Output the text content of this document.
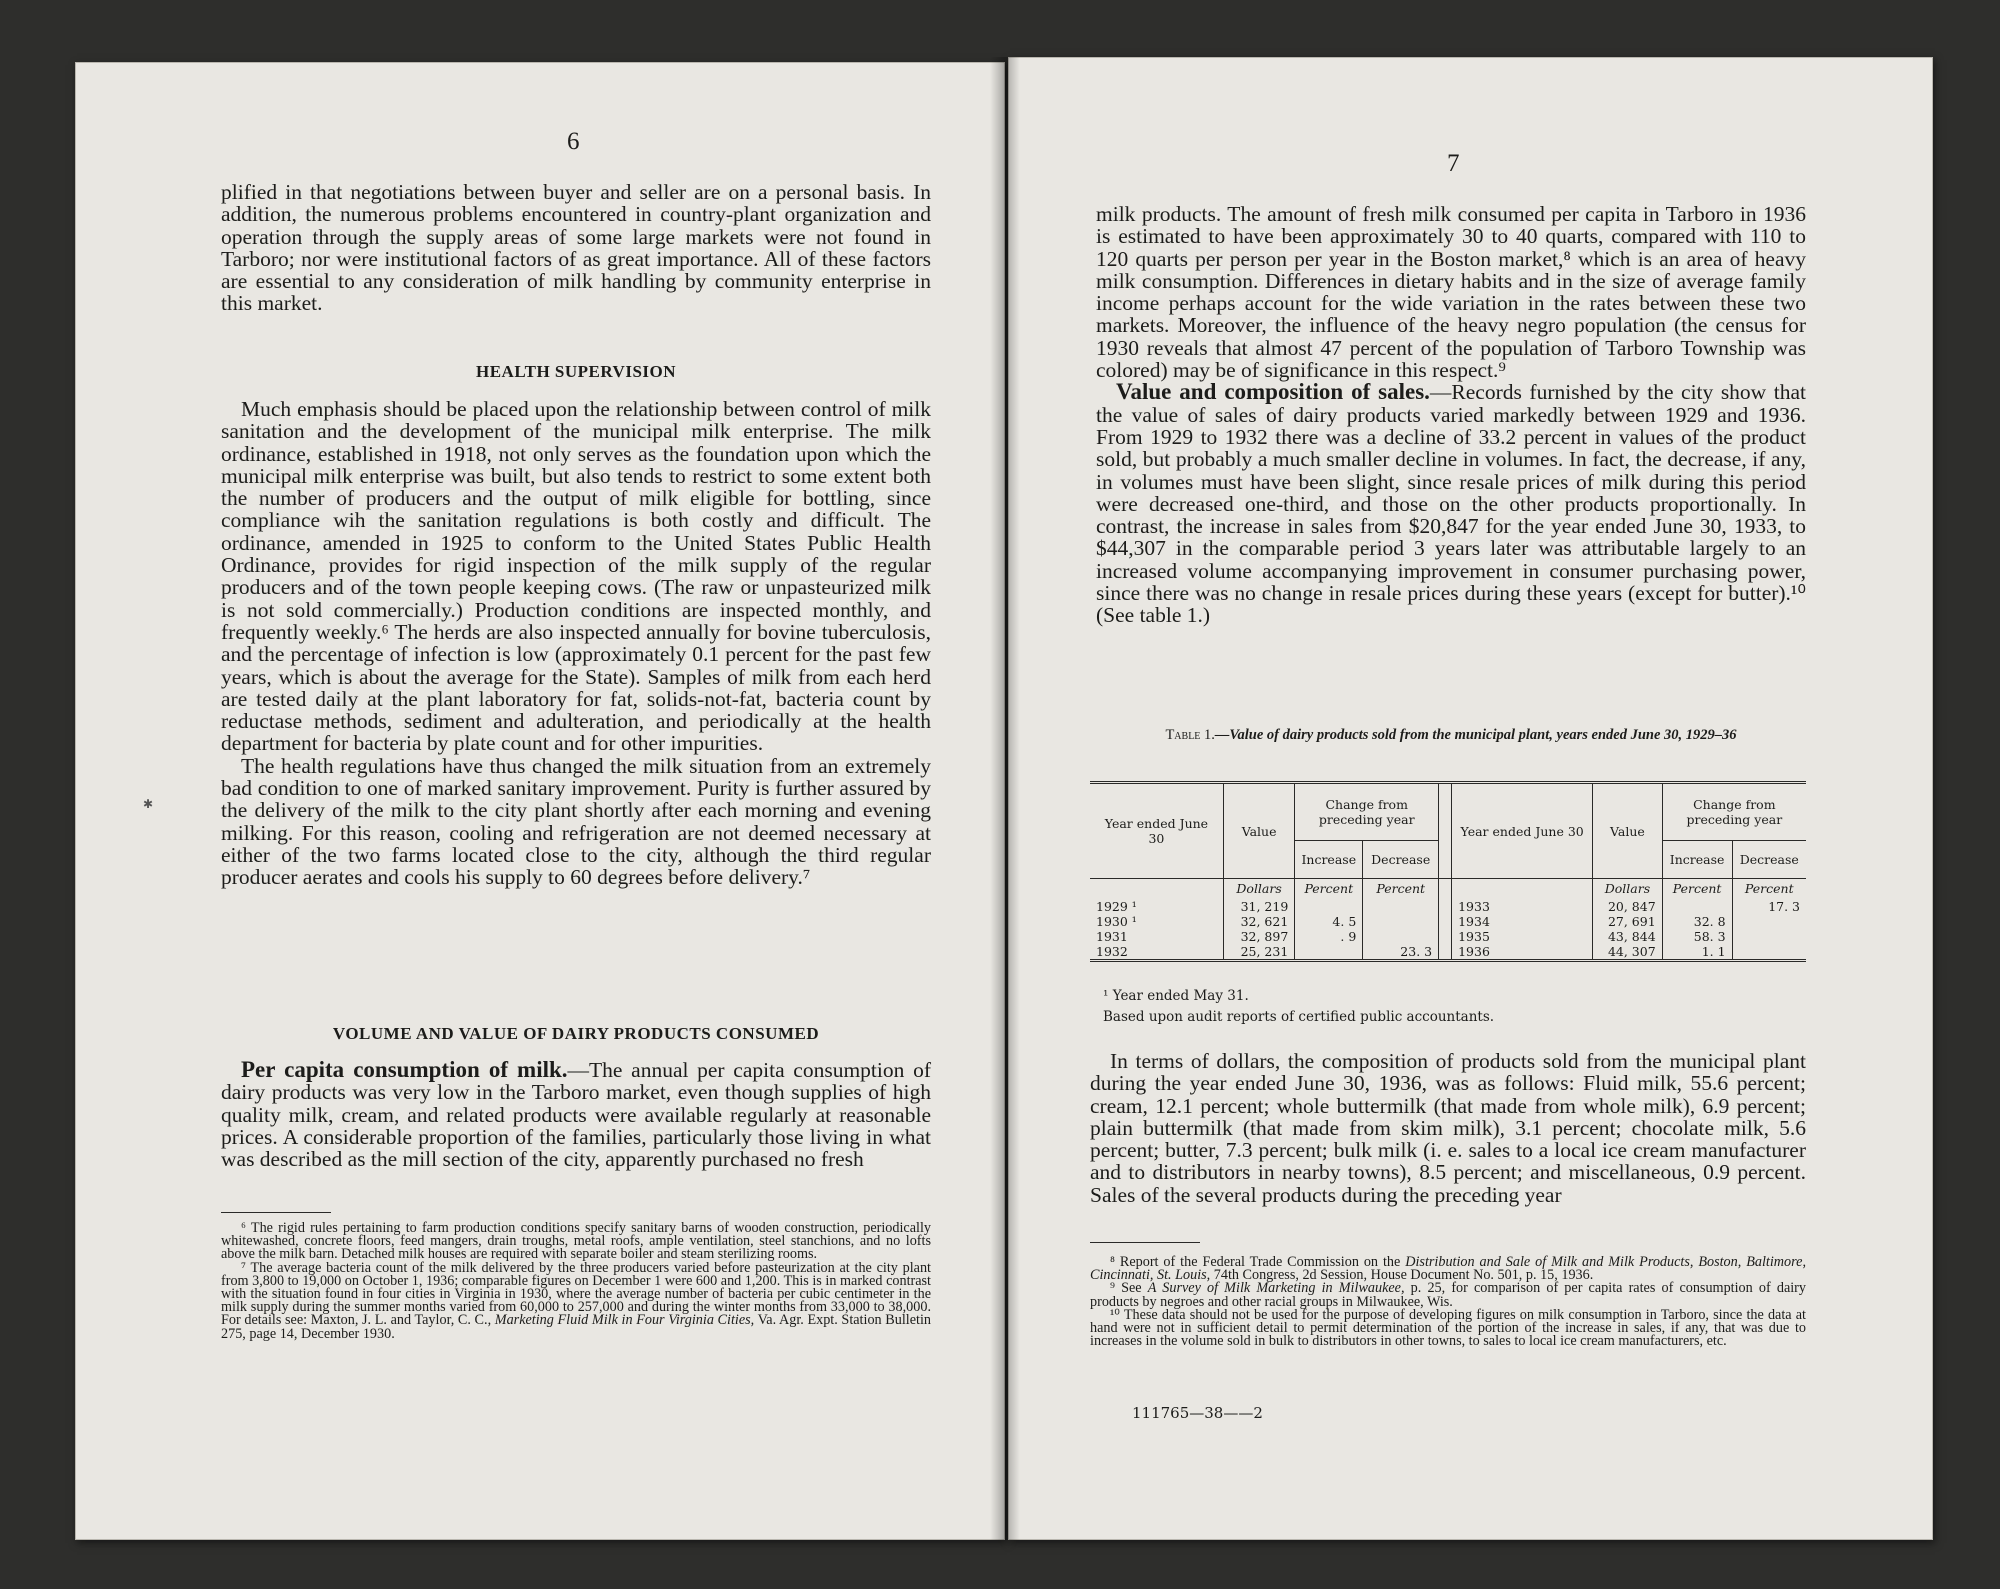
6

plified in that negotiations between buyer and seller are on a personal basis. In addition, the numerous problems encountered in country-plant organization and operation through the supply areas of some large markets were not found in Tarboro; nor were institutional factors of as great importance. All of these factors are essential to any consideration of milk handling by community enterprise in this market.

HEALTH SUPERVISION

Much emphasis should be placed upon the relationship between control of milk sanitation and the development of the municipal milk enterprise. The milk ordinance, established in 1918, not only serves as the foundation upon which the municipal milk enterprise was built, but also tends to restrict to some extent both the number of producers and the output of milk eligible for bottling, since compliance wih the sanitation regulations is both costly and difficult. The ordinance, amended in 1925 to conform to the United States Public Health Ordinance, provides for rigid inspection of the milk supply of the regular producers and of the town people keeping cows. (The raw or unpasteurized milk is not sold commercially.) Production conditions are inspected monthly, and frequently weekly.⁶ The herds are also inspected annually for bovine tuberculosis, and the percentage of infection is low (approximately 0.1 percent for the past few years, which is about the average for the State). Samples of milk from each herd are tested daily at the plant laboratory for fat, solids-not-fat, bacteria count by reductase methods, sediment and adulteration, and periodically at the health department for bacteria by plate count and for other impurities.

The health regulations have thus changed the milk situation from an extremely bad condition to one of marked sanitary improvement. Purity is further assured by the delivery of the milk to the city plant shortly after each morning and evening milking. For this reason, cooling and refrigeration are not deemed necessary at either of the two farms located close to the city, although the third regular producer aerates and cools his supply to 60 degrees before delivery.⁷

VOLUME AND VALUE OF DAIRY PRODUCTS CONSUMED

Per capita consumption of milk.—The annual per capita consumption of dairy products was very low in the Tarboro market, even though supplies of high quality milk, cream, and related products were available regularly at reasonable prices. A considerable proportion of the families, particularly those living in what was described as the mill section of the city, apparently purchased no fresh

⁶ The rigid rules pertaining to farm production conditions specify sanitary barns of wooden construction, periodically whitewashed, concrete floors, feed mangers, drain troughs, metal roofs, ample ventilation, steel stanchions, and no lofts above the milk barn. Detached milk houses are required with separate boiler and steam sterilizing rooms.

⁷ The average bacteria count of the milk delivered by the three producers varied before pasteurization at the city plant from 3,800 to 19,000 on October 1, 1936; comparable figures on December 1 were 600 and 1,200. This is in marked contrast with the situation found in four cities in Virginia in 1930, where the average number of bacteria per cubic centimeter in the milk supply during the summer months varied from 60,000 to 257,000 and during the winter months from 33,000 to 38,000. For details see: Maxton, J. L. and Taylor, C. C., Marketing Fluid Milk in Four Virginia Cities, Va. Agr. Expt. Station Bulletin 275, page 14, December 1930.

✱
7

milk products. The amount of fresh milk consumed per capita in Tarboro in 1936 is estimated to have been approximately 30 to 40 quarts, compared with 110 to 120 quarts per person per year in the Boston market,⁸ which is an area of heavy milk consumption. Differences in dietary habits and in the size of average family income perhaps account for the wide variation in the rates between these two markets. Moreover, the influence of the heavy negro population (the census for 1930 reveals that almost 47 percent of the population of Tarboro Township was colored) may be of significance in this respect.⁹

Value and composition of sales.—Records furnished by the city show that the value of sales of dairy products varied markedly between 1929 and 1936. From 1929 to 1932 there was a decline of 33.2 percent in values of the product sold, but probably a much smaller decline in volumes. In fact, the decrease, if any, in volumes must have been slight, since resale prices of milk during this period were decreased one-third, and those on the other products proportionally. In contrast, the increase in sales from $20,847 for the year ended June 30, 1933, to $44,307 in the comparable period 3 years later was attributable largely to an increased volume accompanying improvement in consumer purchasing power, since there was no change in resale prices during these years (except for butter).¹⁰ (See table 1.)

Table 1.—Value of dairy products sold from the municipal plant, years ended June 30, 1929–36
Year ended June 30	Value	Change from preceding year			Year ended June 30	Value	Change from preceding year	
		Increase	Decrease				Increase	Decrease
	Dollars	Percent	Percent			Dollars	Percent	Percent
1929 ¹	31, 219				1933	20, 847		17. 3
1930 ¹	32, 621	4. 5			1934	27, 691	32. 8	
1931	32, 897	. 9			1935	43, 844	58. 3	
1932	25, 231		23. 3		1936	44, 307	1. 1	

¹ Year ended May 31.

Based upon audit reports of certified public accountants.

In terms of dollars, the composition of products sold from the municipal plant during the year ended June 30, 1936, was as follows: Fluid milk, 55.6 percent; cream, 12.1 percent; whole buttermilk (that made from whole milk), 6.9 percent; plain buttermilk (that made from skim milk), 3.1 percent; chocolate milk, 5.6 percent; butter, 7.3 percent; bulk milk (i. e. sales to a local ice cream manufacturer and to distributors in nearby towns), 8.5 percent; and miscellaneous, 0.9 percent. Sales of the several products during the preceding year

⁸ Report of the Federal Trade Commission on the Distribution and Sale of Milk and Milk Products, Boston, Baltimore, Cincinnati, St. Louis, 74th Congress, 2d Session, House Document No. 501, p. 15, 1936.

⁹ See A Survey of Milk Marketing in Milwaukee, p. 25, for comparison of per capita rates of consumption of dairy products by negroes and other racial groups in Milwaukee, Wis.

¹⁰ These data should not be used for the purpose of developing figures on milk consumption in Tarboro, since the data at hand were not in sufficient detail to permit determination of the portion of the increase in sales, if any, that was due to increases in the volume sold in bulk to distributors in other towns, to sales to local ice cream manufacturers, etc.

111765—38——2
